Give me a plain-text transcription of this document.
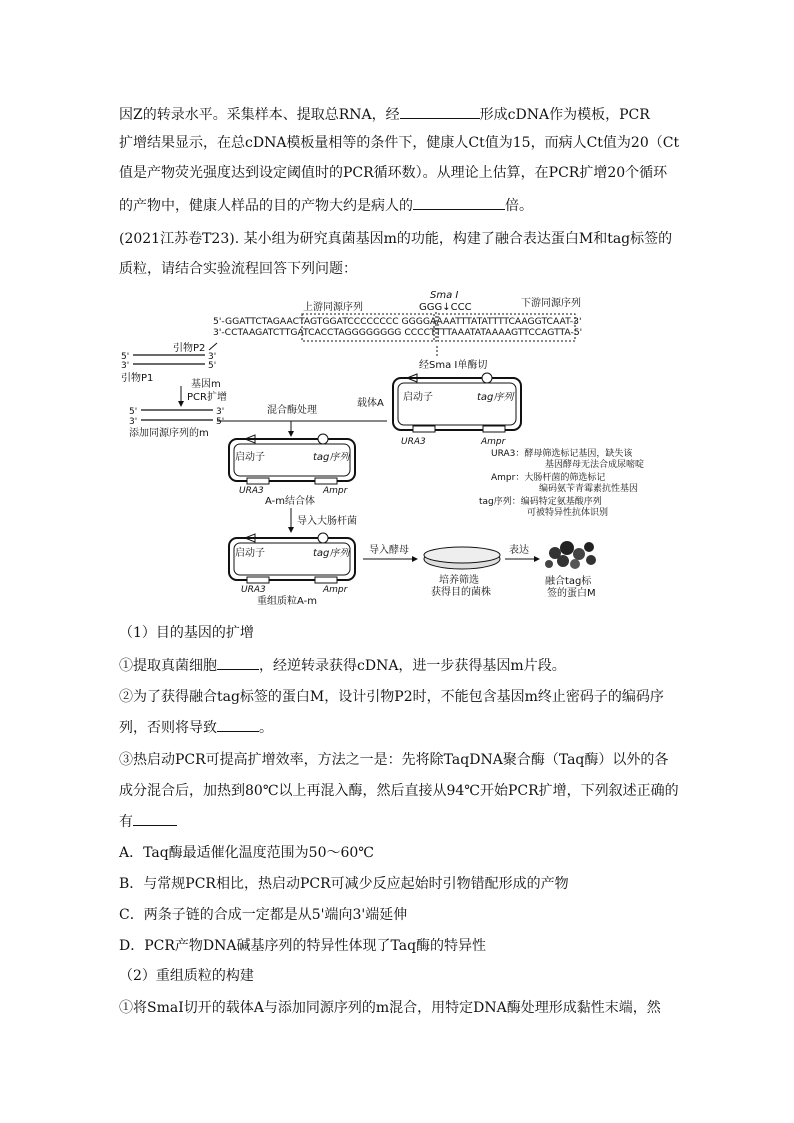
因Z的转录水平。采集样本、提取总RNA，经	形成cDNA作为模板，PCR
扩增结果显示，在总cDNA模板量相等的条件下，健康人Ct值为15，而病人Ct值为20（Ct
值是产物荧光强度达到设定阈值时的PCR循环数）。从理论上估算，在PCR扩增20个循环
的产物中，健康人样品的目的产物大约是病人的	倍。
(2021江苏卷T23). 某小组为研究真菌基因m的功能，构建了融合表达蛋白M和tag标签的
质粒，请结合实验流程回答下列问题：
Sma Ⅰ
上游同源序列	GGG↓CCC	下游同源序列
5'-GGATTCTAGAACTAGTGGATCCCCCCCC GGGGAAAATTTATATTTTCAAGGTCAAT-3'
3'-CCTAAGATCTTGATCACCTAGGGGGGGG CCCCTTTTAAATATAAAAGTTCCAGTTA-5'
引物P2
5'
3'
3'
5'
引物P1
基因m
PCR扩增
5'
3'
3'
5'
添加同源序列的m
经Sma Ⅰ单酶切
载体A
启动子	tag序列
URA3	Ampr
混合酶处理
启动子	tag序列
URA3	Ampr
A-m结合体
导入大肠杆菌
启动子	tag序列
URA3	Ampr
重组质粒A-m
导入酵母
培养筛选
获得目的菌株
表达
融合tag标
签的蛋白M
URA3：酵母筛选标记基因，缺失该
基因酵母无法合成尿嘧啶
Ampr：大肠杆菌的筛选标记
编码氨苄青霉素抗性基因
tag序列：编码特定氨基酸序列
可被特异性抗体识别
（1）目的基因的扩增
①提取真菌细胞	，经逆转录获得cDNA，进一步获得基因m片段。
②为了获得融合tag标签的蛋白M，设计引物P2时，不能包含基因m终止密码子的编码序
列，否则将导致	。
③热启动PCR可提高扩增效率，方法之一是：先将除TaqDNA聚合酶（Taq酶）以外的各
成分混合后，加热到80℃以上再混入酶，然后直接从94℃开始PCR扩增，下列叙述正确的
有
A．Taq酶最适催化温度范围为50～60℃
B．与常规PCR相比，热启动PCR可减少反应起始时引物错配形成的产物
C．两条子链的合成一定都是从5'端向3'端延伸
D．PCR产物DNA碱基序列的特异性体现了Taq酶的特异性
（2）重组质粒的构建
①将SmaⅠ切开的载体A与添加同源序列的m混合，用特定DNA酶处理形成黏性末端，然
